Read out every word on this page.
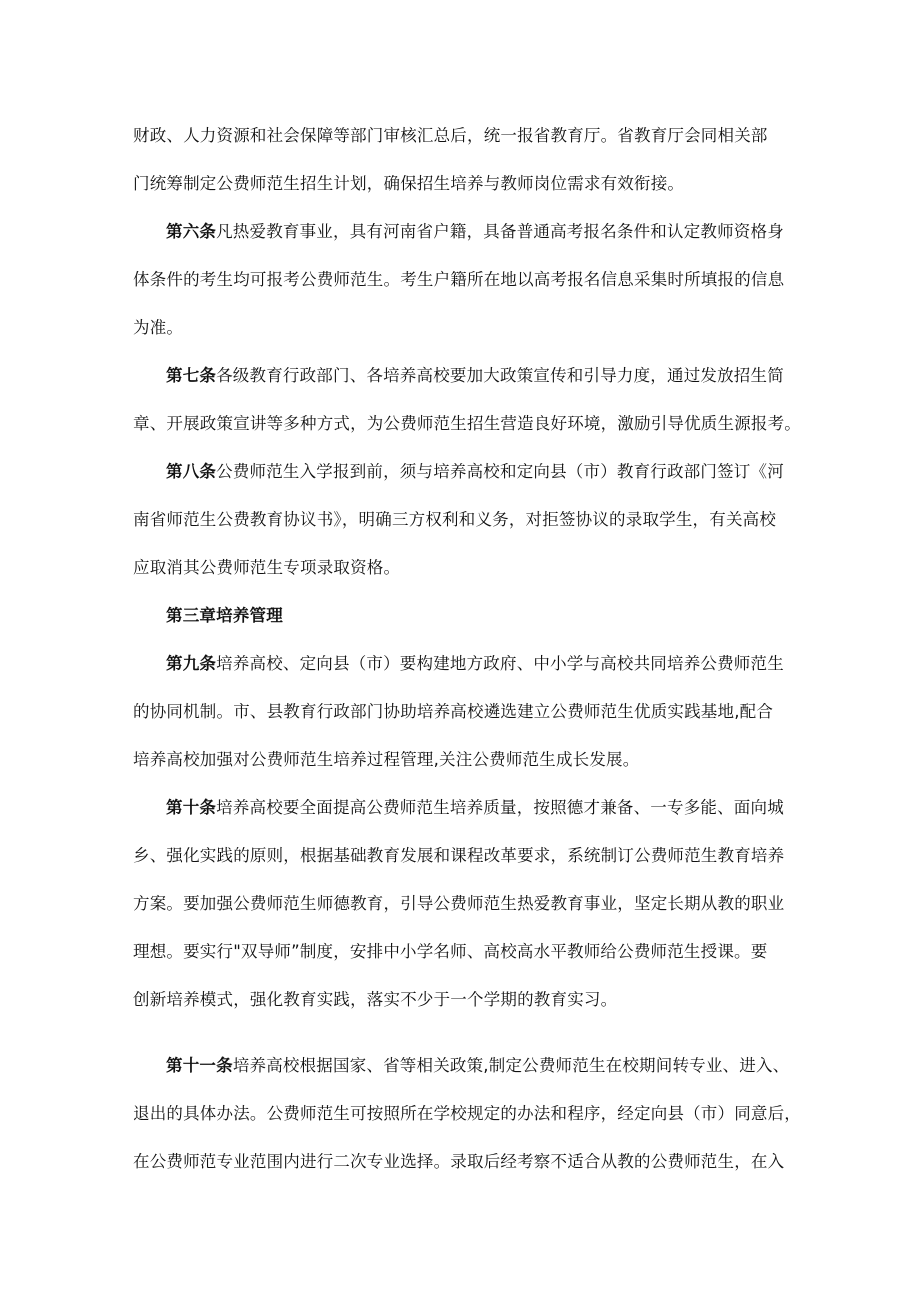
财政、人力资源和社会保障等部门审核汇总后，统一报省教育厅。省教育厅会同相关部
门统筹制定公费师范生招生计划，确保招生培养与教师岗位需求有效衔接。
第六条凡热爱教育事业，具有河南省户籍，具备普通高考报名条件和认定教师资格身
体条件的考生均可报考公费师范生。考生户籍所在地以高考报名信息采集时所填报的信息
为准。
第七条各级教育行政部门、各培养高校要加大政策宣传和引导力度，通过发放招生简
章、开展政策宣讲等多种方式，为公费师范生招生营造良好环境，激励引导优质生源报考。
第八条公费师范生入学报到前，须与培养高校和定向县（市）教育行政部门签订《河
南省师范生公费教育协议书》，明确三方权利和义务，对拒签协议的录取学生，有关高校
应取消其公费师范生专项录取资格。
第三章培养管理
第九条培养高校、定向县（市）要构建地方政府、中小学与高校共同培养公费师范生
的协同机制。市、县教育行政部门协助培养高校遴选建立公费师范生优质实践基地,配合
培养高校加强对公费师范生培养过程管理,关注公费师范生成长发展。
第十条培养高校要全面提高公费师范生培养质量，按照德才兼备、一专多能、面向城
乡、强化实践的原则，根据基础教育发展和课程改革要求，系统制订公费师范生教育培养
方案。要加强公费师范生师德教育，引导公费师范生热爱教育事业，坚定长期从教的职业
理想。要实行"双导师”制度，安排中小学名师、高校高水平教师给公费师范生授课。要
创新培养模式，强化教育实践，落实不少于一个学期的教育实习。
第十一条培养高校根据国家、省等相关政策,制定公费师范生在校期间转专业、进入、
退出的具体办法。公费师范生可按照所在学校规定的办法和程序，经定向县（市）同意后，
在公费师范专业范围内进行二次专业选择。录取后经考察不适合从教的公费师范生，在入
